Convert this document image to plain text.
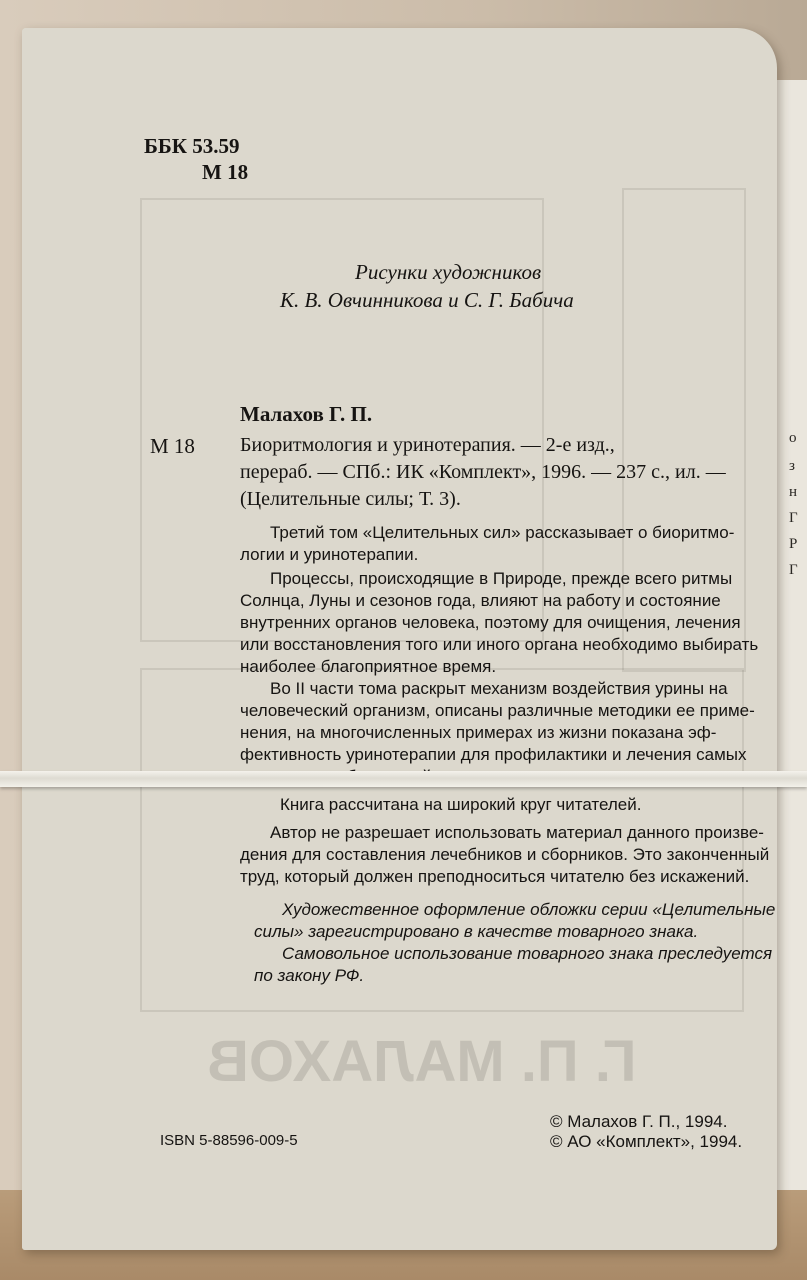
о
з
н
Г
Р
Г
Г. П. МАЛАХОВ
ББК 53.59
М 18
Рисунки художников
К. В. Овчинникова и С. Г. Бабича
Малахов Г. П.
М 18 Биоритмология и уринотерапия. — 2-е изд.,
перераб. — СПб.: ИК «Комплект», 1996. — 237 с., ил. —
(Целительные силы; Т. 3).
Третий том «Целительных сил» рассказывает о биоритмо-
логии и уринотерапии.
Процессы, происходящие в Природе, прежде всего ритмы
Солнца, Луны и сезонов года, влияют на работу и состояние
внутренних органов человека, поэтому для очищения, лечения
или восстановления того или иного органа необходимо выбирать
наиболее благоприятное время.
Во II части тома раскрыт механизм воздействия урины на
человеческий организм, описаны различные методики ее приме-
нения, на многочисленных примерах из жизни показана эф-
фективность уринотерапии для профилактики и лечения самых
Книга рассчитана на широкий круг читателей.
Автор не разрешает использовать материал данного произве-
дения для составления лечебников и сборников. Это законченный
труд, который должен преподноситься читателю без искажений.
Художественное оформление обложки серии «Целительные
силы» зарегистрировано в качестве товарного знака.
Самовольное использование товарного знака преследуется
по закону РФ.
ISBN 5-88596-009-5
© Малахов Г. П., 1994.
© АО «Комплект», 1994.
